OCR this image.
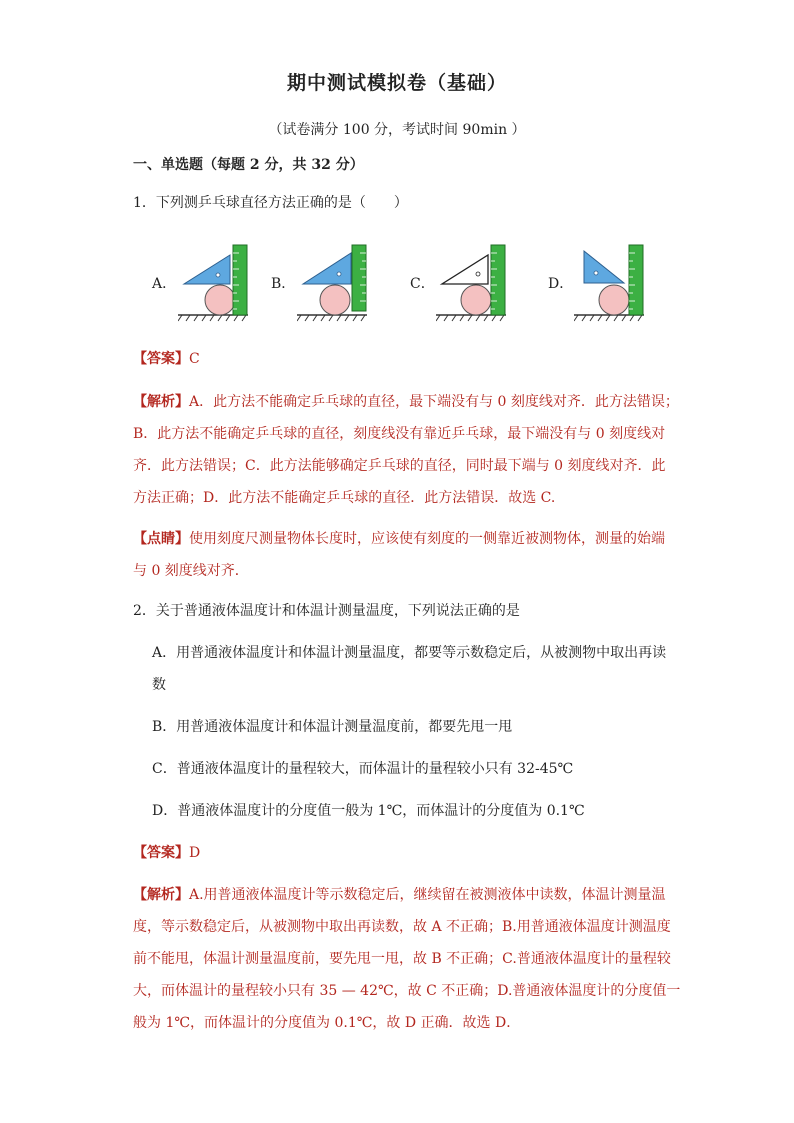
期中测试模拟卷（基础）
（试卷满分 100 分，考试时间 90min ）
一、单选题（每题 2 分，共 32 分）
1．下列测乒乓球直径方法正确的是（　　）
A．	B．	C．	D．
【答案】C
【解析】A．此方法不能确定乒乓球的直径，最下端没有与 0 刻度线对齐．此方法错误；
B．此方法不能确定乒乓球的直径，刻度线没有靠近乒乓球，最下端没有与 0 刻度线对
齐．此方法错误；C．此方法能够确定乒乓球的直径，同时最下端与 0 刻度线对齐．此
方法正确；D．此方法不能确定乒乓球的直径．此方法错误．故选 C.
【点睛】使用刻度尺测量物体长度时，应该使有刻度的一侧靠近被测物体，测量的始端
与 0 刻度线对齐．
2．关于普通液体温度计和体温计测量温度，下列说法正确的是
A．用普通液体温度计和体温计测量温度，都要等示数稳定后，从被测物中取出再读
数
B．用普通液体温度计和体温计测量温度前，都要先甩一甩
C．普通液体温度计的量程较大，而体温计的量程较小只有 32-45℃
D．普通液体温度计的分度值一般为 1℃，而体温计的分度值为 0.1℃
【答案】D
【解析】A.用普通液体温度计等示数稳定后，继续留在被测液体中读数，体温计测量温
度，等示数稳定后，从被测物中取出再读数，故 A 不正确；B.用普通液体温度计测温度
前不能甩，体温计测量温度前，要先甩一甩，故 B 不正确；C.普通液体温度计的量程较
大，而体温计的量程较小只有 35 — 42℃，故 C 不正确；D.普通液体温度计的分度值一
般为 1℃，而体温计的分度值为 0.1℃，故 D 正确．故选 D．
